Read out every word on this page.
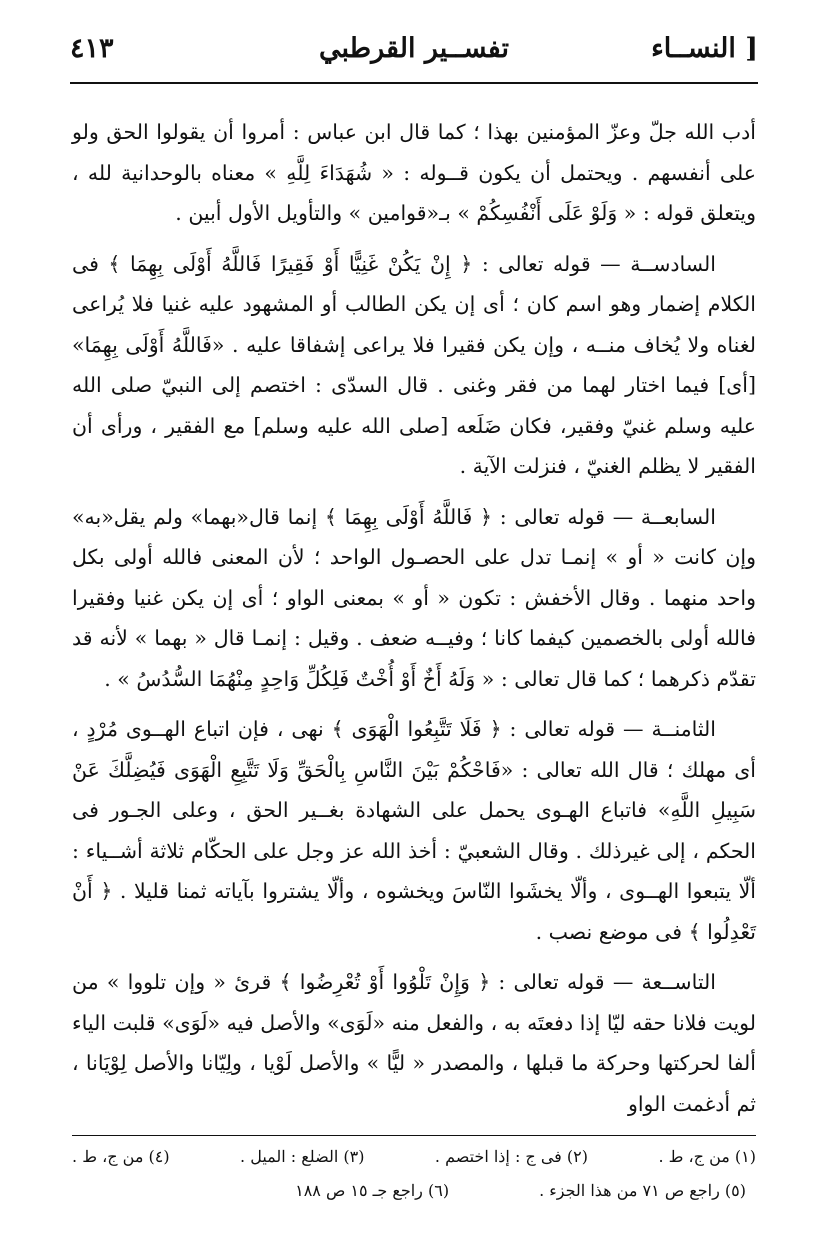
[ النســاء
تفســير القرطبي
٤١٣

أدب الله جلّ وعزّ المؤمنين بهذا ؛ كما قال ابن عباس : أمروا أن يقولوا الحق ولو على أنفسهم . ويحتمل أن يكون قــوله : « شُهَدَاءَ لِلَّهِ » معناه بالوحدانية لله ، ويتعلق قوله : « وَلَوْ عَلَى أَنْفُسِكُمْ » بـ«قوامين » والتأويل الأول أبين .

السادســة — قوله تعالى : ﴿ إِنْ يَكُنْ غَنِيًّا أَوْ فَقِيرًا فَاللَّهُ أَوْلَى بِهِمَا ﴾ فى الكلام إضمار وهو اسم كان ؛ أى إن يكن الطالب أو المشهود عليه غنيا فلا يُراعى لغناه ولا يُخاف منــه ، وإن يكن فقيرا فلا يراعى إشفاقا عليه . «فَاللَّهُ أَوْلَى بِهِمَا» [أى] فيما اختار لهما من فقر وغنى . قال السدّى : اختصم إلى النبيّ صلى الله عليه وسلم غنيّ وفقير، فكان ضَلَعه [صلى الله عليه وسلم] مع الفقير ، ورأى أن الفقير لا يظلم الغنيّ ، فنزلت الآية .

السابعــة — قوله تعالى : ﴿ فَاللَّهُ أَوْلَى بِهِمَا ﴾ إنما قال«بهما» ولم يقل«به» وإن كانت « أو » إنمـا تدل على الحصـول الواحد ؛ لأن المعنى فالله أولى بكل واحد منهما . وقال الأخفش : تكون « أو » بمعنى الواو ؛ أى إن يكن غنيا وفقيرا فالله أولى بالخصمين كيفما كانا ؛ وفيــه ضعف . وقيل : إنمـا قال « بهما » لأنه قد تقدّم ذكرهما ؛ كما قال تعالى : « وَلَهُ أَخٌ أَوْ أُخْتٌ فَلِكُلِّ وَاحِدٍ مِنْهُمَا السُّدُسُ » .

الثامنــة — قوله تعالى : ﴿ فَلَا تَتَّبِعُوا الْهَوَى ﴾ نهى ، فإن اتباع الهــوى مُرْدٍ ، أى مهلك ؛ قال الله تعالى : «فَاحْكُمْ بَيْنَ النَّاسِ بِالْحَقِّ وَلَا تَتَّبِعِ الْهَوَى فَيُضِلَّكَ عَنْ سَبِيلِ اللَّهِ» فاتباع الهـوى يحمل على الشهادة بغــير الحق ، وعلى الجـور فى الحكم ، إلى غيرذلك . وقال الشعبيّ : أخذ الله عز وجل على الحكّام ثلاثة أشــياء : ألّا يتبعوا الهــوى ، وألّا يخشَوا النّاسَ ويخشوه ، وألّا يشتروا بآياته ثمنا قليلا . ﴿ أَنْ تَعْدِلُوا ﴾ فى موضع نصب .

التاســعة — قوله تعالى : ﴿ وَإِنْ تَلْوُوا أَوْ تُعْرِضُوا ﴾ قرئ « وإن تلووا » من لويت فلانا حقه ليّا إذا دفعتَه به ، والفعل منه «لَوَى» والأصل فيه «لَوَى» قلبت الياء ألفا لحركتها وحركة ما قبلها ، والمصدر « ليًّا » والأصل لَوْيا ، ولِيّانا والأصل لِوْيَانا ، ثم أدغمت الواو

(١) من ج، ط .
(٢) فى ج : إذا اختصم .
(٣) الضلع : الميل .
(٤) من ج، ط .
(٥) راجع ص ٧١ من هذا الجزء .
(٦) راجع جـ ١٥ ص ١٨٨
